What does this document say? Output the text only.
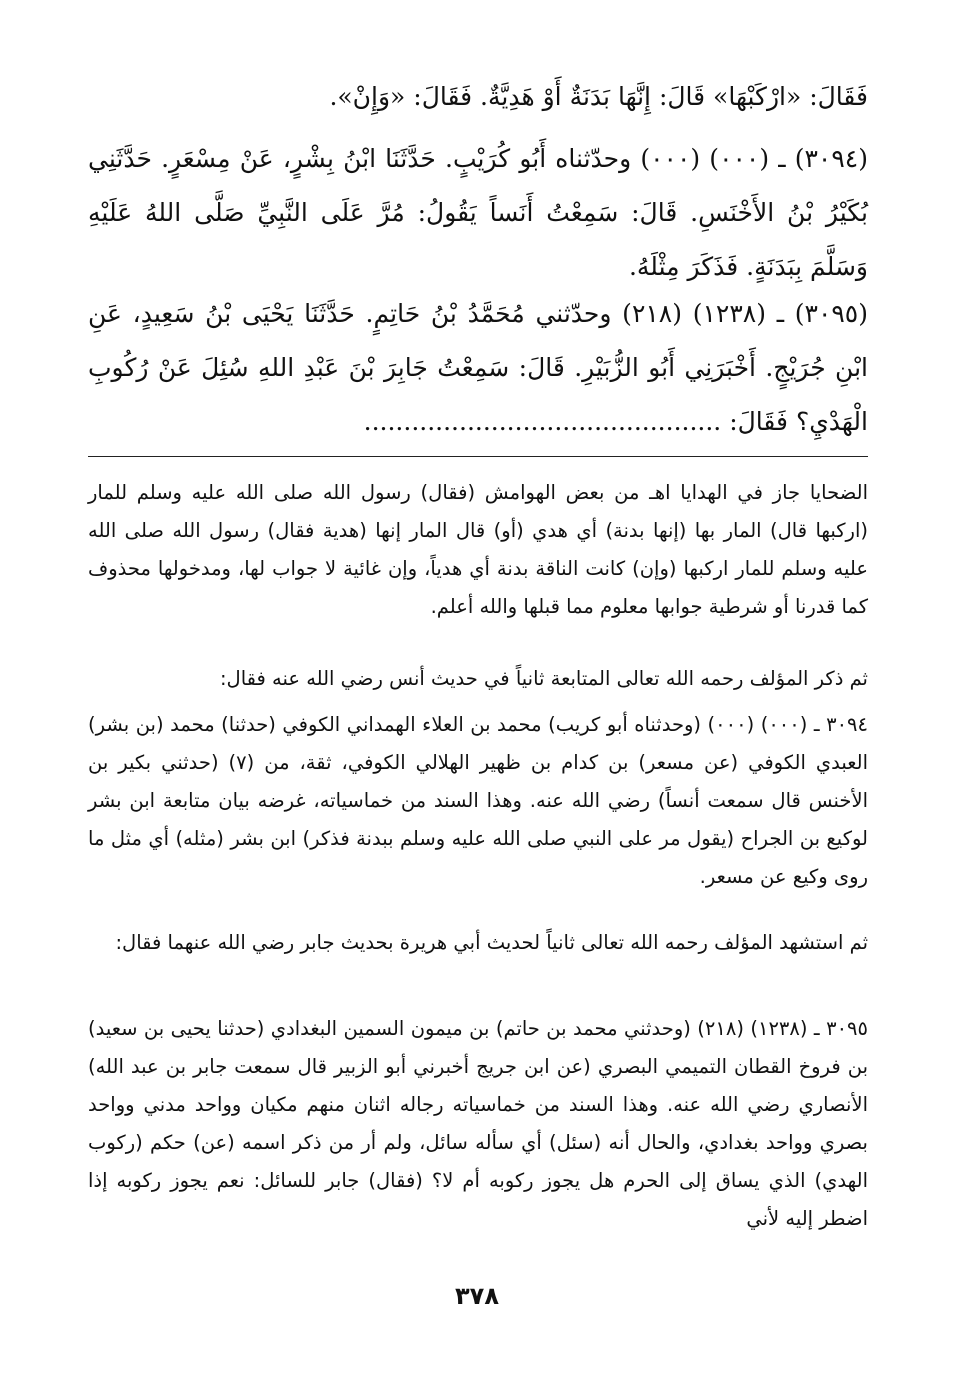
فَقَالَ: «ارْكَبْهَا» قَالَ: إِنَّهَا بَدَنَةٌ أَوْ هَدِيَّةٌ. فَقَالَ: «وَإِنْ».

(٣٠٩٤) ـ (٠٠٠) (٠٠٠) وحدّثناه أَبُو كُرَيْبٍ. حَدَّثَنَا ابْنُ بِشْرٍ، عَنْ مِسْعَرٍ. حَدَّثَنِي بُكَيْرُ بْنُ الأَخْنَسِ. قَالَ: سَمِعْتُ أَنَساً يَقُولُ: مُرَّ عَلَى النَّبِيِّ صَلَّى اللهُ عَلَيْهِ وَسَلَّمَ بِبَدَنَةٍ. فَذَكَرَ مِثْلَهُ.

(٣٠٩٥) ـ (١٢٣٨) (٢١٨) وحدّثني مُحَمَّدُ بْنُ حَاتِمٍ. حَدَّثَنَا يَحْيَى بْنُ سَعِيدٍ، عَنِ ابْنِ جُرَيْجٍ. أَخْبَرَنِي أَبُو الزُّبَيْرِ. قَالَ: سَمِعْتُ جَابِرَ بْنَ عَبْدِ اللهِ سُئِلَ عَنْ رُكُوبِ الْهَدْيِ؟ فَقَالَ: .............................................

الضحايا جاز في الهدايا اهـ من بعض الهوامش (فقال) رسول الله صلى الله عليه وسلم للمار (اركبها قال) المار بها (إنها بدنة) أي هدي (أو) قال المار إنها (هدية فقال) رسول الله صلى الله عليه وسلم للمار اركبها (وإن) كانت الناقة بدنة أي هدياً، وإن غائية لا جواب لها، ومدخولها محذوف كما قدرنا أو شرطية جوابها معلوم مما قبلها والله أعلم.

ثم ذكر المؤلف رحمه الله تعالى المتابعة ثانياً في حديث أنس رضي الله عنه فقال:

٣٠٩٤ ـ (٠٠٠) (٠٠٠) (وحدثناه أبو كريب) محمد بن العلاء الهمداني الكوفي (حدثنا) محمد (بن بشر) العبدي الكوفي (عن مسعر) بن كدام بن ظهير الهلالي الكوفي، ثقة، من (٧) (حدثني بكير بن الأخنس قال سمعت أنساً) رضي الله عنه. وهذا السند من خماسياته، غرضه بيان متابعة ابن بشر لوكيع بن الجراح (يقول مر على النبي صلى الله عليه وسلم ببدنة فذكر) ابن بشر (مثله) أي مثل ما روى وكيع عن مسعر.

ثم استشهد المؤلف رحمه الله تعالى ثانياً لحديث أبي هريرة بحديث جابر رضي الله عنهما فقال:

٣٠٩٥ ـ (١٢٣٨) (٢١٨) (وحدثني محمد بن حاتم) بن ميمون السمين البغدادي (حدثنا يحيى بن سعيد) بن فروخ القطان التميمي البصري (عن ابن جريج أخبرني أبو الزبير قال سمعت جابر بن عبد الله) الأنصاري رضي الله عنه. وهذا السند من خماسياته رجاله اثنان منهم مكيان وواحد مدني وواحد بصري وواحد بغدادي، والحال أنه (سئل) أي سأله سائل، ولم أر من ذكر اسمه (عن) حكم (ركوب الهدي) الذي يساق إلى الحرم هل يجوز ركوبه أم لا؟ (فقال) جابر للسائل: نعم يجوز ركوبه إذا اضطر إليه لأني

٣٧٨
